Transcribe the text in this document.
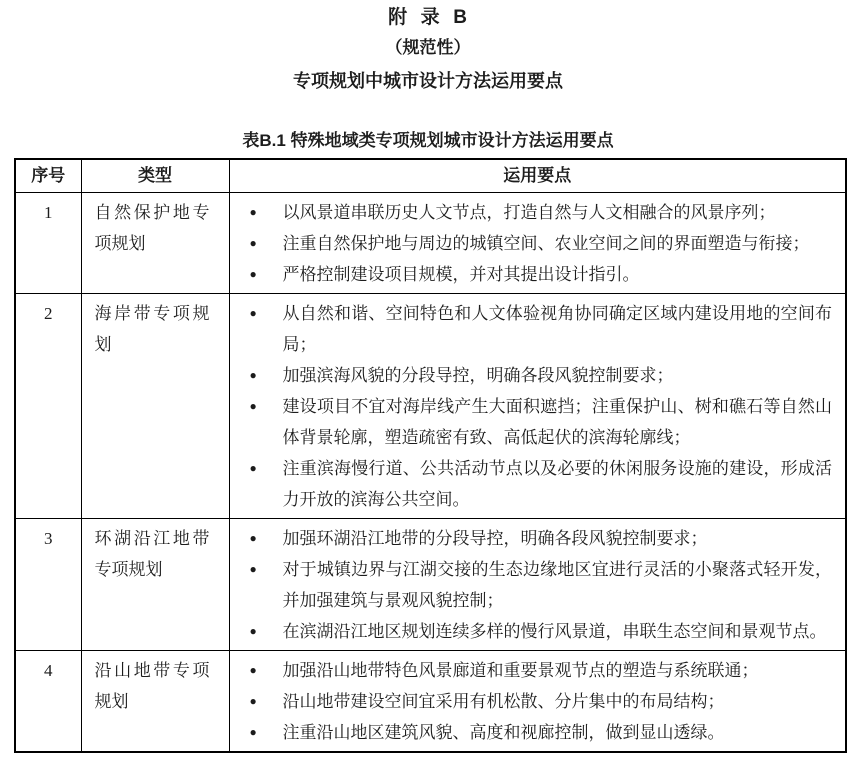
附  录  B
（规范性）
专项规划中城市设计方法运用要点
表B.1 特殊地域类专项规划城市设计方法运用要点
序号	类型	运用要点
1	自然保护地专项规划	
●	以风景道串联历史人文节点，打造自然与人文相融合的风景序列；
●	注重自然保护地与周边的城镇空间、农业空间之间的界面塑造与衔接；
●	严格控制建设项目规模，并对其提出设计指引。

2	海岸带专项规划	
●	从自然和谐、空间特色和人文体验视角协同确定区域内建设用地的空间布局；
●	加强滨海风貌的分段导控，明确各段风貌控制要求；
●	建设项目不宜对海岸线产生大面积遮挡；注重保护山、树和礁石等自然山体背景轮廓，塑造疏密有致、高低起伏的滨海轮廓线；
●	注重滨海慢行道、公共活动节点以及必要的休闲服务设施的建设，形成活力开放的滨海公共空间。

3	环湖沿江地带专项规划	
●	加强环湖沿江地带的分段导控，明确各段风貌控制要求；
●	对于城镇边界与江湖交接的生态边缘地区宜进行灵活的小聚落式轻开发，并加强建筑与景观风貌控制；
●	在滨湖沿江地区规划连续多样的慢行风景道，串联生态空间和景观节点。

4	沿山地带专项规划	
●	加强沿山地带特色风景廊道和重要景观节点的塑造与系统联通；
●	沿山地带建设空间宜采用有机松散、分片集中的布局结构；
●	注重沿山地区建筑风貌、高度和视廊控制，做到显山透绿。
